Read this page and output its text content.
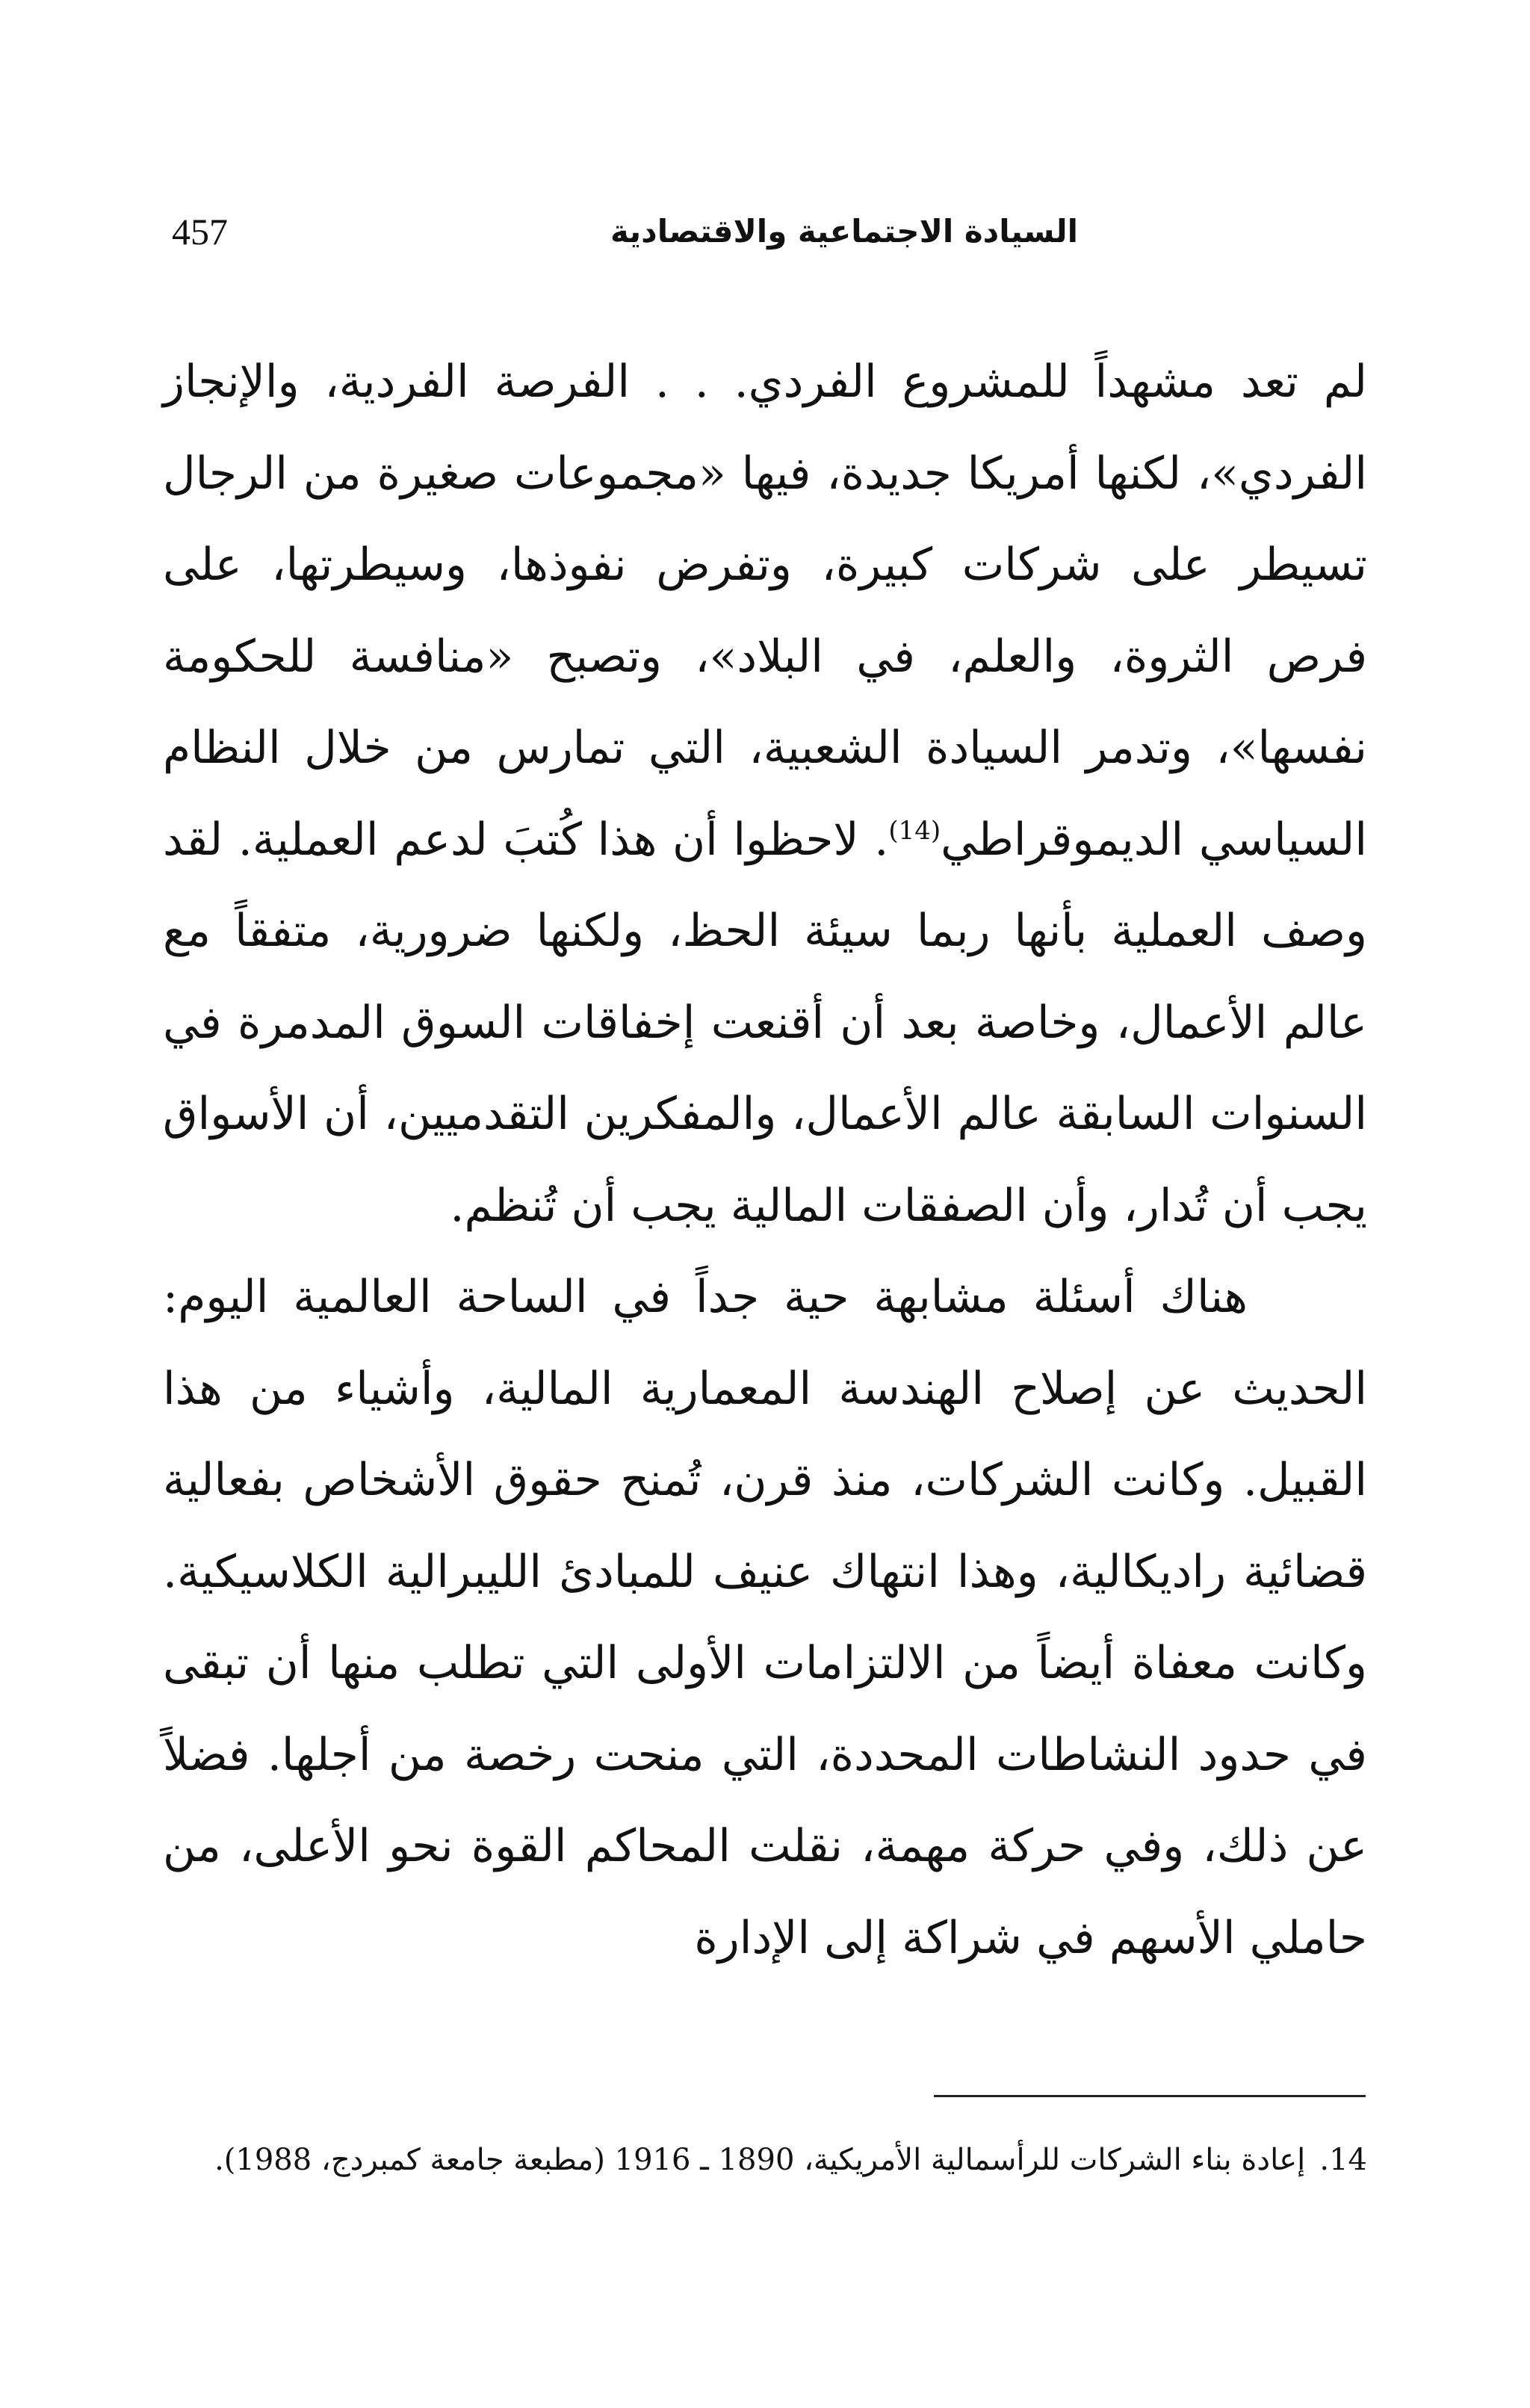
457	السيادة الاجتماعية والاقتصادية

لم تعد مشهداً للمشروع الفردي. . . الفرصة الفردية، والإنجاز الفردي»، لكنها أمريكا جديدة، فيها «مجموعات صغيرة من الرجال تسيطر على شركات كبيرة، وتفرض نفوذها، وسيطرتها، على فرص الثروة، والعلم، في البلاد»، وتصبح «منافسة للحكومة نفسها»، وتدمر السيادة الشعبية، التي تمارس من خلال النظام السياسي الديموقراطي$^{(14)}$. لاحظوا أن هذا كُتبَ لدعم العملية. لقد وصف العملية بأنها ربما سيئة الحظ، ولكنها ضرورية، متفقاً مع عالم الأعمال، وخاصة بعد أن أقنعت إخفاقات السوق المدمرة في السنوات السابقة عالم الأعمال، والمفكرين التقدميين، أن الأسواق يجب أن تُدار، وأن الصفقات المالية يجب أن تُنظم.

هناك أسئلة مشابهة حية جداً في الساحة العالمية اليوم: الحديث عن إصلاح الهندسة المعمارية المالية، وأشياء من هذا القبيل. وكانت الشركات، منذ قرن، تُمنح حقوق الأشخاص بفعالية قضائية راديكالية، وهذا انتهاك عنيف للمبادئ الليبرالية الكلاسيكية. وكانت معفاة أيضاً من الالتزامات الأولى التي تطلب منها أن تبقى في حدود النشاطات المحددة، التي منحت رخصة من أجلها. فضلاً عن ذلك، وفي حركة مهمة، نقلت المحاكم القوة نحو الأعلى، من حاملي الأسهم في شراكة إلى الإدارة

14. إعادة بناء الشركات للرأسمالية الأمريكية، 1890 ـ 1916 (مطبعة جامعة كمبردج، 1988).
